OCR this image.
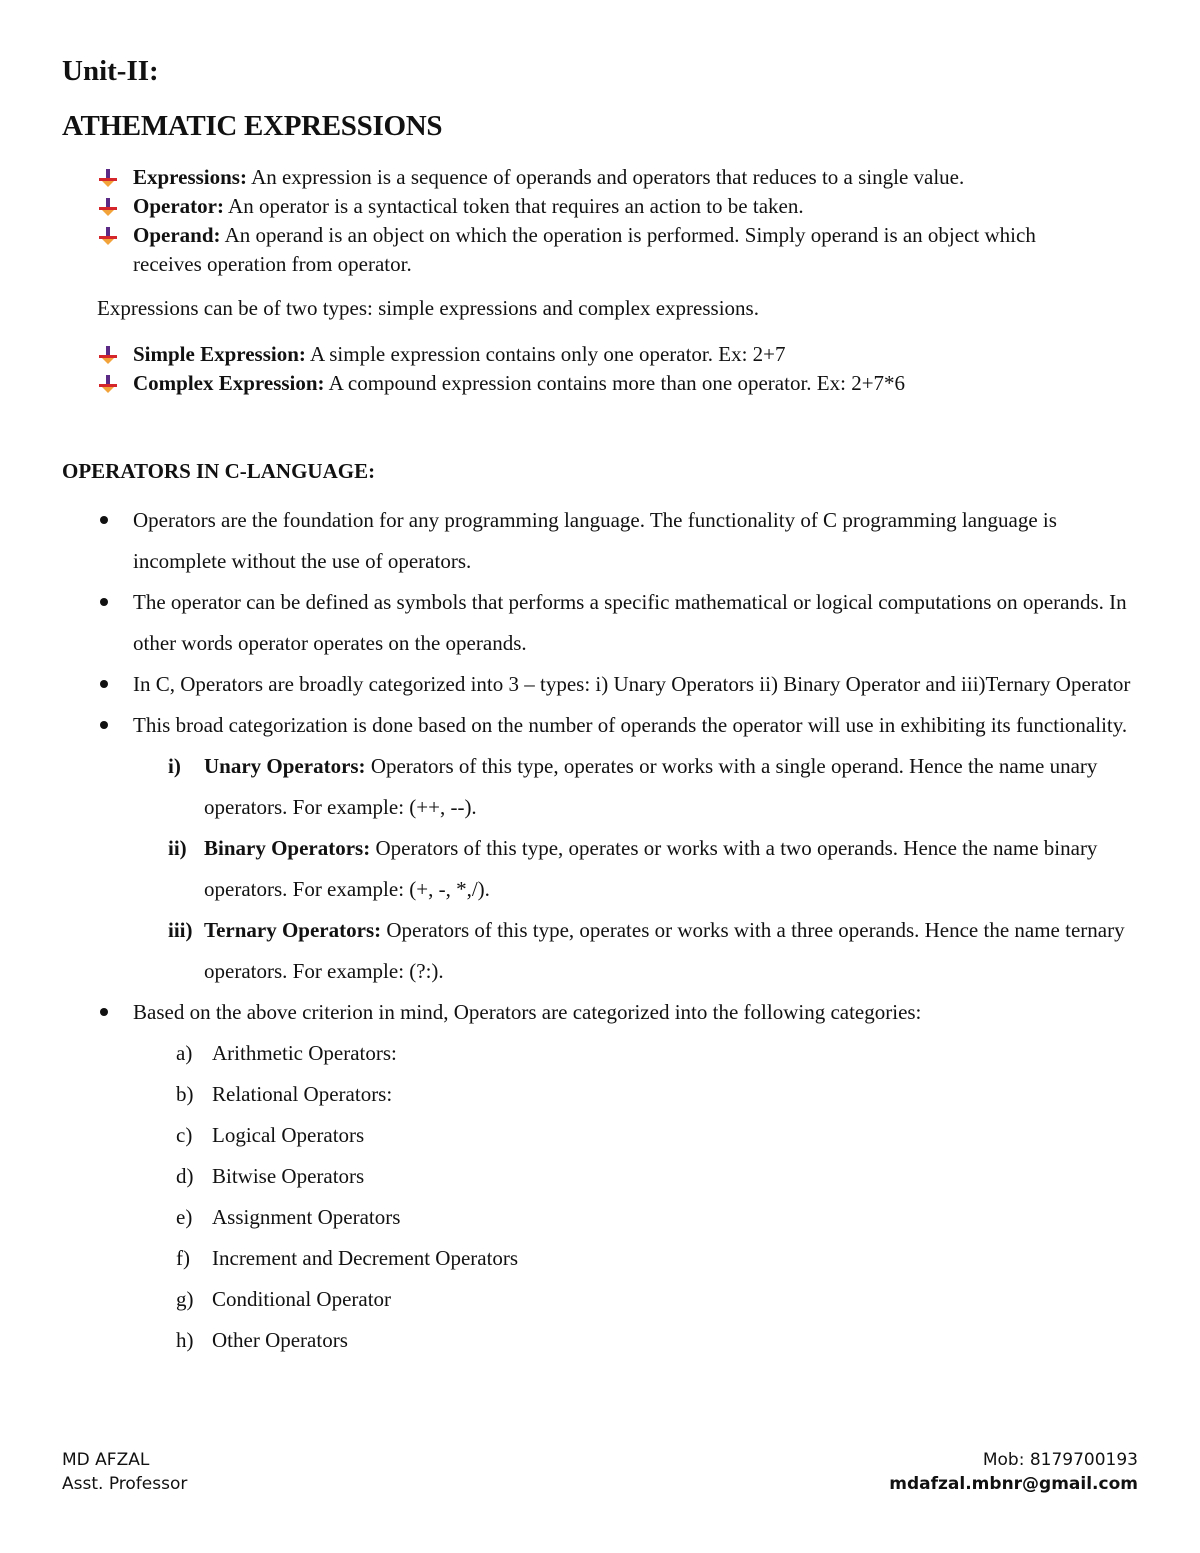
Unit-II:
ATHEMATIC EXPRESSIONS
Expressions: An expression is a sequence of operands and operators that reduces to a single value.
Operator: An operator is a syntactical token that requires an action to be taken.
Operand: An operand is an object on which the operation is performed. Simply operand is an object which receives operation from operator.

Expressions can be of two types: simple expressions and complex expressions.

Simple Expression: A simple expression contains only one operator. Ex: 2+7
Complex Expression: A compound expression contains more than one operator. Ex: 2+7*6
OPERATORS IN C-LANGUAGE:
Operators are the foundation for any programming language. The functionality of C programming language is incomplete without the use of operators.
The operator can be defined as symbols that performs a specific mathematical or logical computations on operands. In other words operator operates on the operands.
In C, Operators are broadly categorized into 3 – types: i) Unary Operators ii) Binary Operator and iii)Ternary Operator
This broad categorization is done based on the number of operands the operator will use in exhibiting its functionality.
i) Unary Operators: Operators of this type, operates or works with a single operand. Hence the name unary operators. For example: (++, --).
ii) Binary Operators: Operators of this type, operates or works with a two operands. Hence the name binary operators. For example: (+, -, *,/).
iii) Ternary Operators: Operators of this type, operates or works with a three operands. Hence the name ternary operators. For example: (?:).
Based on the above criterion in mind, Operators are categorized into the following categories:
a) Arithmetic Operators:
b) Relational Operators:
c) Logical Operators
d) Bitwise Operators
e) Assignment Operators
f) Increment and Decrement Operators
g) Conditional Operator
h) Other Operators
MD AFZAL
Asst. Professor
Mob: 8179700193
mdafzal.mbnr@gmail.com
